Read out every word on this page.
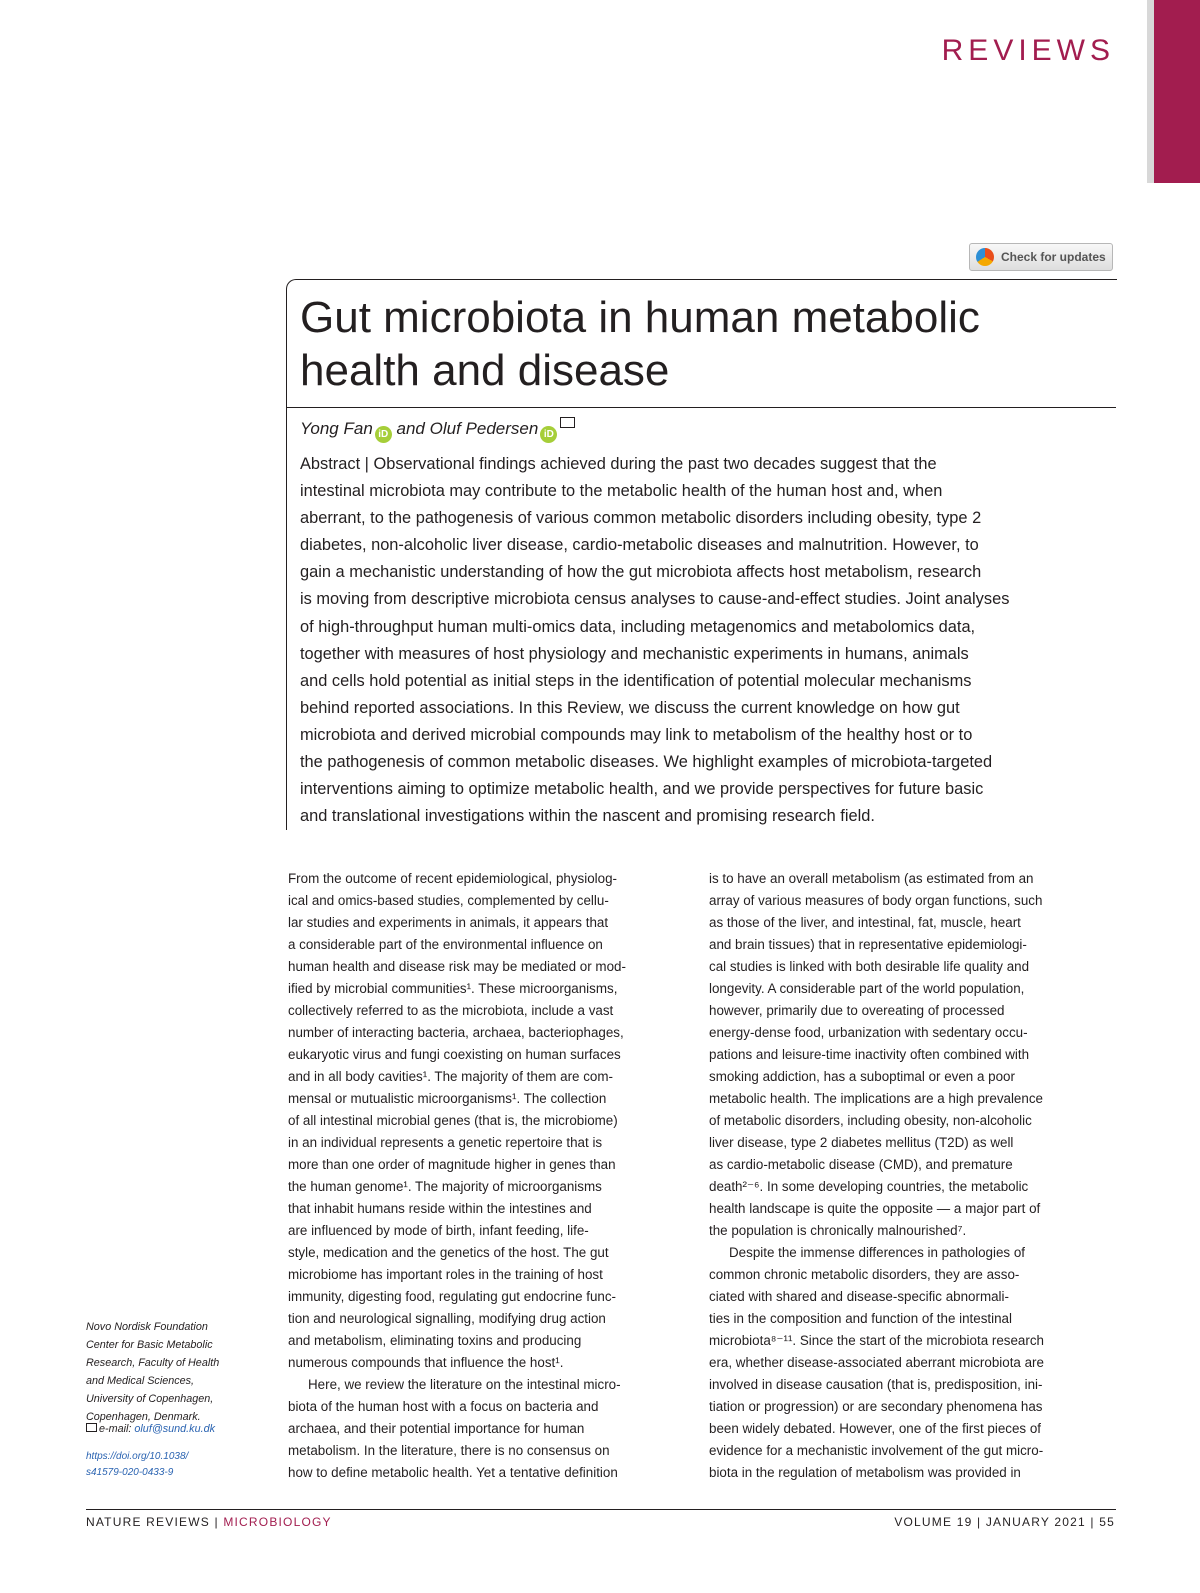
REVIEWS
Check for updates
Gut microbiota in human metabolic health and disease
Yong Fan iD and Oluf Pedersen iD
Abstract | Observational findings achieved during the past two decades suggest that the
intestinal microbiota may contribute to the metabolic health of the human host and, when
aberrant, to the pathogenesis of various common metabolic disorders including obesity, type 2
diabetes, non-alcoholic liver disease, cardio-metabolic diseases and malnutrition. However, to
gain a mechanistic understanding of how the gut microbiota affects host metabolism, research
is moving from descriptive microbiota census analyses to cause-and-effect studies. Joint analyses
of high-throughput human multi-omics data, including metagenomics and metabolomics data,
together with measures of host physiology and mechanistic experiments in humans, animals
and cells hold potential as initial steps in the identification of potential molecular mechanisms
behind reported associations. In this Review, we discuss the current knowledge on how gut
microbiota and derived microbial compounds may link to metabolism of the healthy host or to
the pathogenesis of common metabolic diseases. We highlight examples of microbiota-targeted
interventions aiming to optimize metabolic health, and we provide perspectives for future basic
and translational investigations within the nascent and promising research field.
From the outcome of recent epidemiological, physiolog-
ical and omics-based studies, complemented by cellu-
lar studies and experiments in animals, it appears that
a considerable part of the environmental influence on
human health and disease risk may be mediated or mod-
ified by microbial communities¹. These microorganisms,
collectively referred to as the microbiota, include a vast
number of interacting bacteria, archaea, bacteriophages,
eukaryotic virus and fungi coexisting on human surfaces
and in all body cavities¹. The majority of them are com-
mensal or mutualistic microorganisms¹. The collection
of all intestinal microbial genes (that is, the microbiome)
in an individual represents a genetic repertoire that is
more than one order of magnitude higher in genes than
the human genome¹. The majority of microorganisms
that inhabit humans reside within the intestines and
are influenced by mode of birth, infant feeding, life-
style, medication and the genetics of the host. The gut
microbiome has important roles in the training of host
immunity, digesting food, regulating gut endocrine func-
tion and neurological signalling, modifying drug action
and metabolism, eliminating toxins and producing
numerous compounds that influence the host¹.
Here, we review the literature on the intestinal micro-
biota of the human host with a focus on bacteria and
archaea, and their potential importance for human
metabolism. In the literature, there is no consensus on
how to define metabolic health. Yet a tentative definition
is to have an overall metabolism (as estimated from an
array of various measures of body organ functions, such
as those of the liver, and intestinal, fat, muscle, heart
and brain tissues) that in representative epidemiologi-
cal studies is linked with both desirable life quality and
longevity. A considerable part of the world population,
however, primarily due to overeating of processed
energy-dense food, urbanization with sedentary occu-
pations and leisure-time inactivity often combined with
smoking addiction, has a suboptimal or even a poor
metabolic health. The implications are a high prevalence
of metabolic disorders, including obesity, non-alcoholic
liver disease, type 2 diabetes mellitus (T2D) as well
as cardio-metabolic disease (CMD), and premature
death²⁻⁶. In some developing countries, the metabolic
health landscape is quite the opposite — a major part of
the population is chronically malnourished⁷.
Despite the immense differences in pathologies of
common chronic metabolic disorders, they are asso-
ciated with shared and disease-specific abnormali-
ties in the composition and function of the intestinal
microbiota⁸⁻¹¹. Since the start of the microbiota research
era, whether disease-associated aberrant microbiota are
involved in disease causation (that is, predisposition, ini-
tiation or progression) or are secondary phenomena has
been widely debated. However, one of the first pieces of
evidence for a mechanistic involvement of the gut micro-
biota in the regulation of metabolism was provided in
Novo Nordisk Foundation
Center for Basic Metabolic
Research, Faculty of Health
and Medical Sciences,
University of Copenhagen,
Copenhagen, Denmark.
e-mail: oluf@sund.ku.dk
https://doi.org/10.1038/
s41579-020-0433-9
NATURE REVIEWS | MICROBIOLOGY	VOLUME 19 | JANUARY 2021 | 55
